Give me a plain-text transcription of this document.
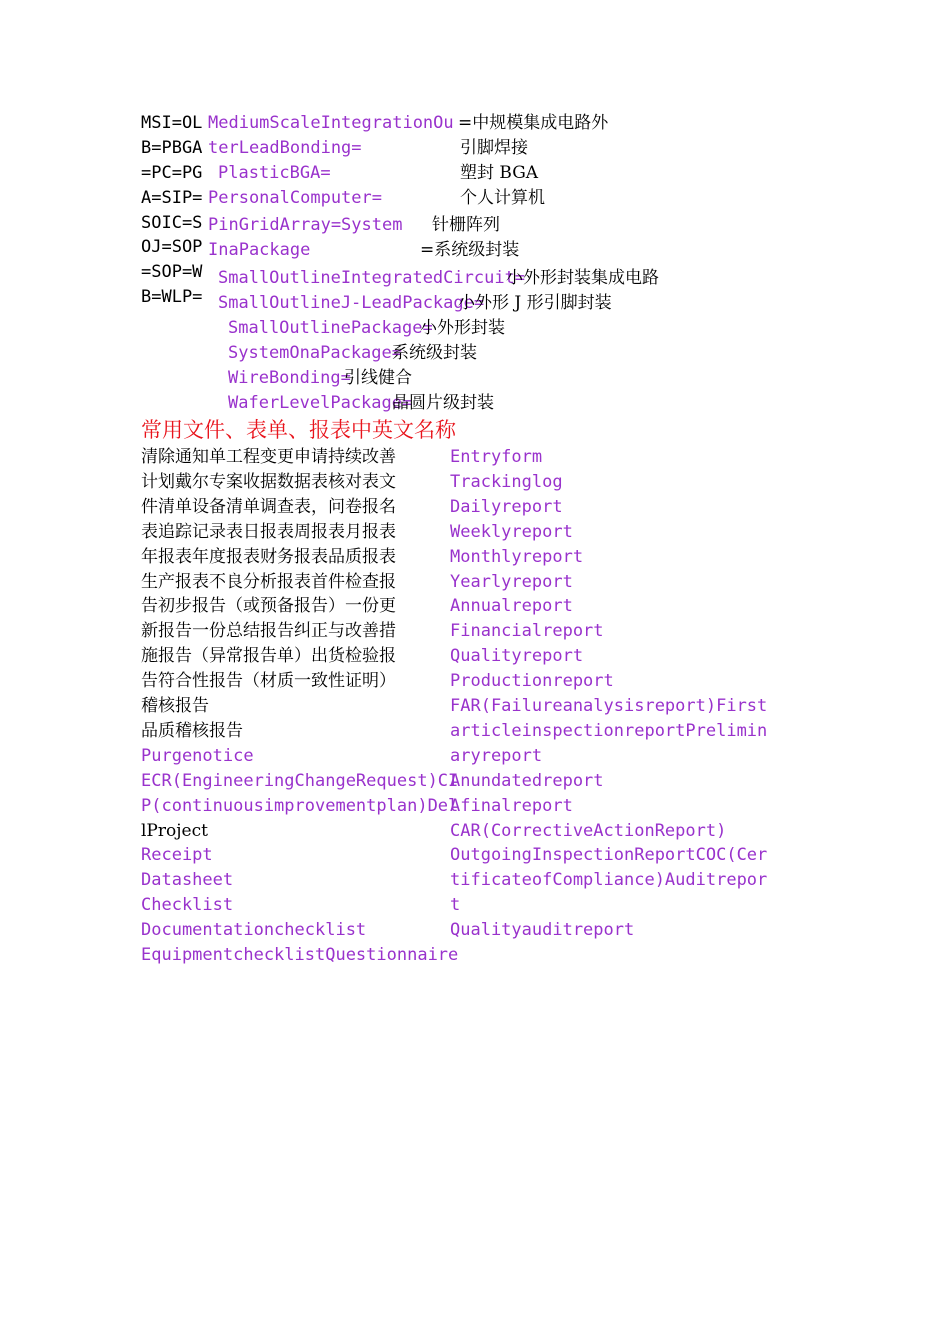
MSI=OL
B=PBGA
=PC=PG
A=SIP=
SOIC=S
OJ=SOP
=SOP=W
B=WLP=
MediumScaleIntegrationOu
terLeadBonding=
PlasticBGA=
PersonalComputer=
PinGridArray=System
InaPackage
SmallOutlineIntegratedCircuit=
SmallOutlineJ-LeadPackage=
SmallOutlinePackage=
SystemOnaPackage=
WireBonding=
WaferLevelPackage=
=中规模集成电路外
引脚焊接
塑封 BGA
个人计算机
针栅阵列
=系统级封装
小外形封装集成电路
小外形 J 形引脚封装
小外形封装
系统级封装
引线健合
晶圆片级封装
常用文件、表单、报表中英文名称
清除通知单工程变更申请持续改善
计划戴尔专案收据数据表核对表文
件清单设备清单调查表，问卷报名
表追踪记录表日报表周报表月报表
年报表年度报表财务报表品质报表
生产报表不良分析报表首件检查报
告初步报告（或预备报告）一份更
新报告一份总结报告纠正与改善措
施报告（异常报告单）出货检验报
告符合性报告（材质一致性证明）
稽核报告
品质稽核报告
Purgenotice
ECR(EngineeringChangeRequest)CI
P(continuousimprovementplan)Del
lProject
Receipt
Datasheet
Checklist
Documentationchecklist
EquipmentchecklistQuestionnaire
Entryform
Trackinglog
Dailyreport
Weeklyreport
Monthlyreport
Yearlyreport
Annualreport
Financialreport
Qualityreport
Productionreport
FAR(Failureanalysisreport)First
articleinspectionreportPrelimin
aryreport
Anundatedreport
Afinalreport
CAR(CorrectiveActionReport)
OutgoingInspectionReportCOC(Cer
tificateofCompliance)Auditrepor
t
Qualityauditreport
